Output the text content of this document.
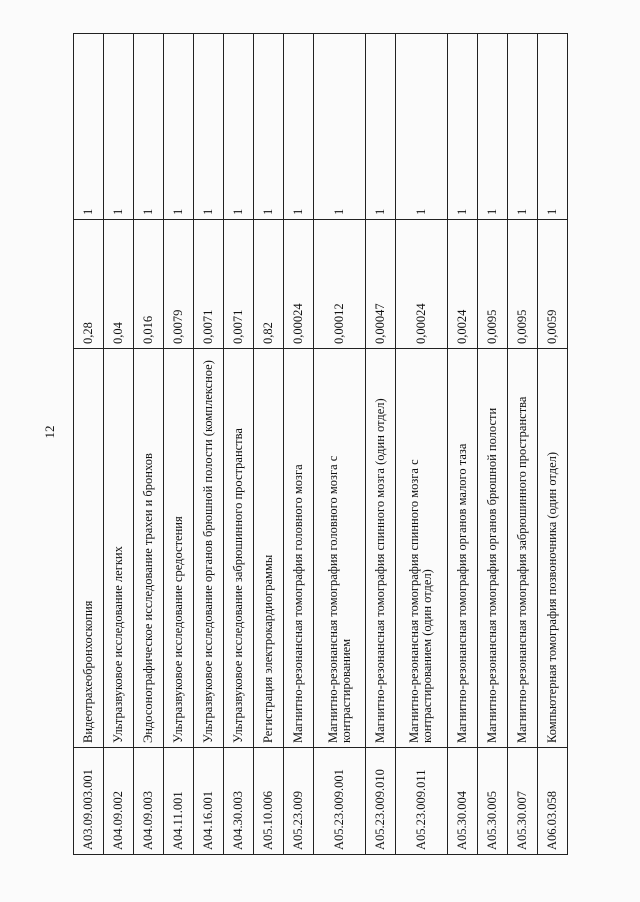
12
A03.09.003.001	Видеотрахеобронхоскопия	0,28	1
A04.09.002	Ультразвуковое исследование легких	0,04	1
A04.09.003	Эндосонографическое исследование трахеи и бронхов	0,016	1
A04.11.001	Ультразвуковое исследование средостения	0,0079	1
A04.16.001	Ультразвуковое исследование органов брюшной полости (комплексное)	0,0071	1
A04.30.003	Ультразвуковое исследование забрюшинного пространства	0,0071	1
A05.10.006	Регистрация электрокардиограммы	0,82	1
A05.23.009	Магнитно-резонансная томография головного мозга	0,00024	1
A05.23.009.001	Магнитно-резонансная томография головного мозга с контрастированием	0,00012	1
A05.23.009.010	Магнитно-резонансная томография спинного мозга (один отдел)	0,00047	1
A05.23.009.011	Магнитно-резонансная томография спинного мозга с контрастированием (один отдел)	0,00024	1
A05.30.004	Магнитно-резонансная томография органов малого таза	0,0024	1
A05.30.005	Магнитно-резонансная томография органов брюшной полости	0,0095	1
A05.30.007	Магнитно-резонансная томография забрюшинного пространства	0,0095	1
A06.03.058	Компьютерная томография позвоночника (один отдел)	0,0059	1
